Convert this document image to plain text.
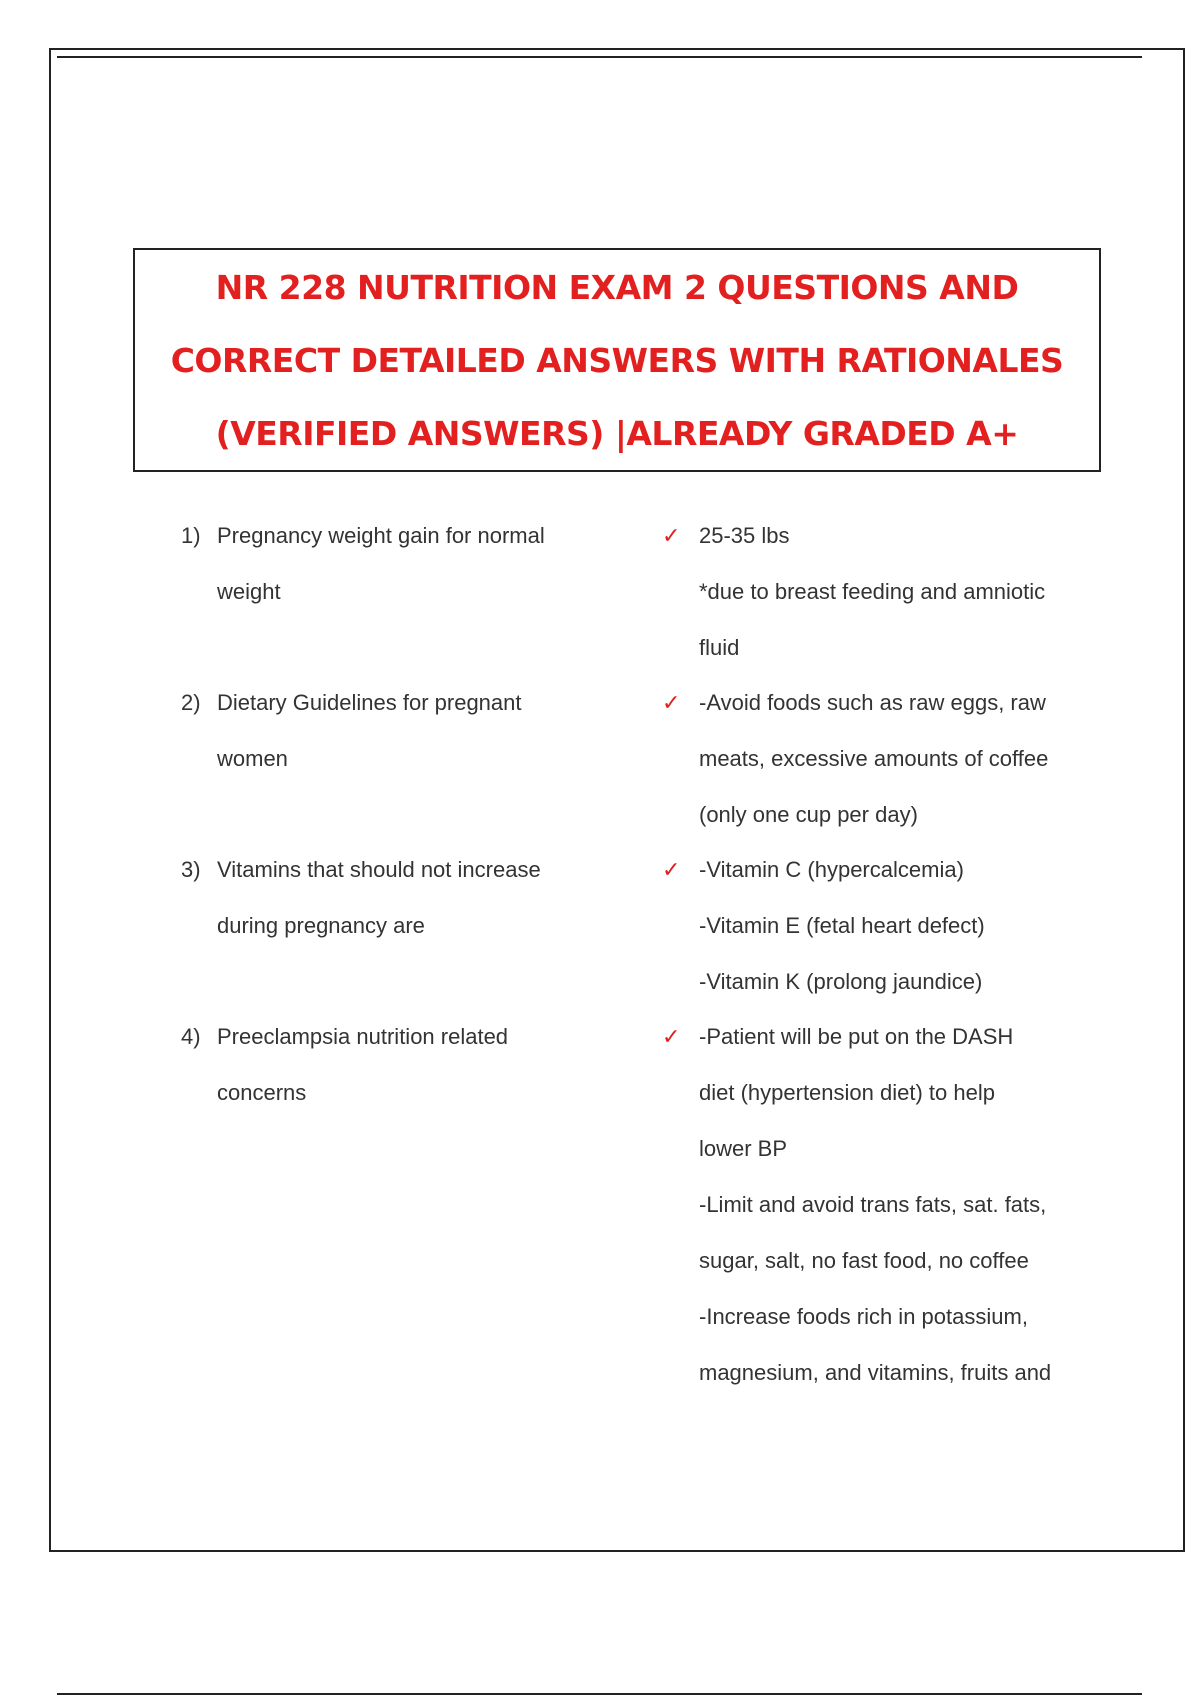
NR 228 NUTRITION EXAM 2 QUESTIONS AND
CORRECT DETAILED ANSWERS WITH RATIONALES
(VERIFIED ANSWERS) |ALREADY GRADED A+
1) Pregnancy weight gain for normal weight
✓ 25-35 lbs
*due to breast feeding and amniotic
fluid
2) Dietary Guidelines for pregnant women
✓ -Avoid foods such as raw eggs, raw
meats, excessive amounts of coffee
(only one cup per day)
3) Vitamins that should not increase during pregnancy are
✓ -Vitamin C (hypercalcemia)
-Vitamin E (fetal heart defect)
-Vitamin K (prolong jaundice)
4) Preeclampsia nutrition related concerns
✓ -Patient will be put on the DASH
diet (hypertension diet) to help
lower BP
-Limit and avoid trans fats, sat. fats,
sugar, salt, no fast food, no coffee
-Increase foods rich in potassium,
magnesium, and vitamins, fruits and
